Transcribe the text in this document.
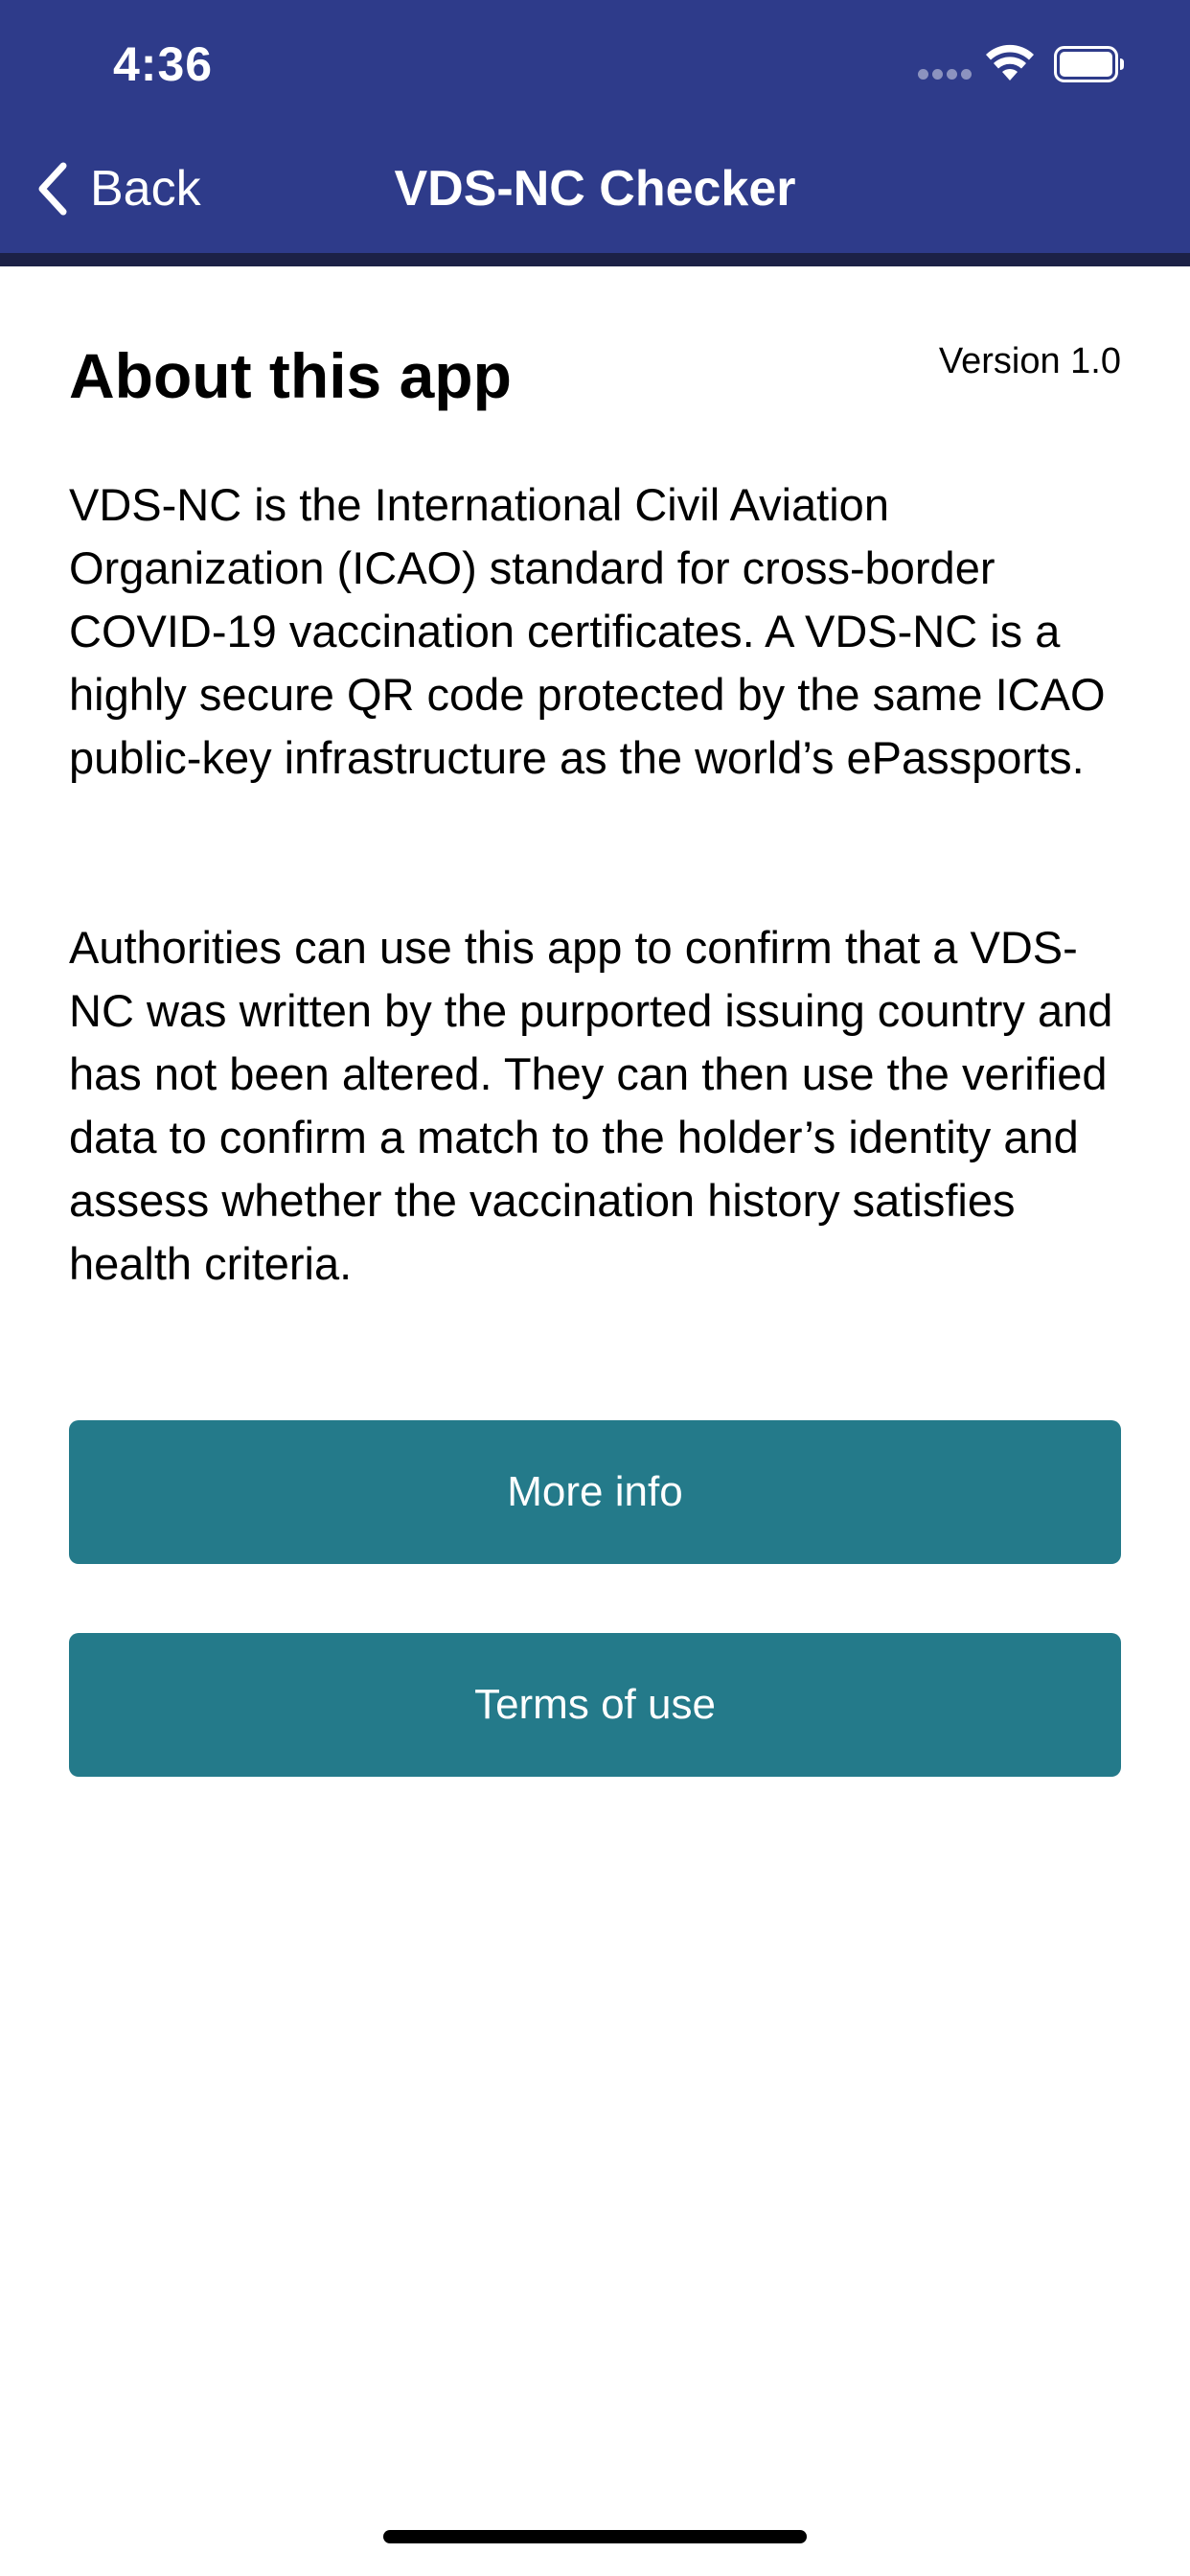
4:36
Back	VDS-NC Checker
About this app	Version 1.0
VDS-NC is the International Civil Aviation Organization (ICAO) standard for cross-border COVID-19 vaccination certificates. A VDS-NC is a highly secure QR code protected by the same ICAO public-key infrastructure as the world’s ePassports.
Authorities can use this app to confirm that a VDS-NC was written by the purported issuing country and has not been altered. They can then use the verified data to confirm a match to the holder’s identity and assess whether the vaccination history satisfies health criteria.
More info
Terms of use
